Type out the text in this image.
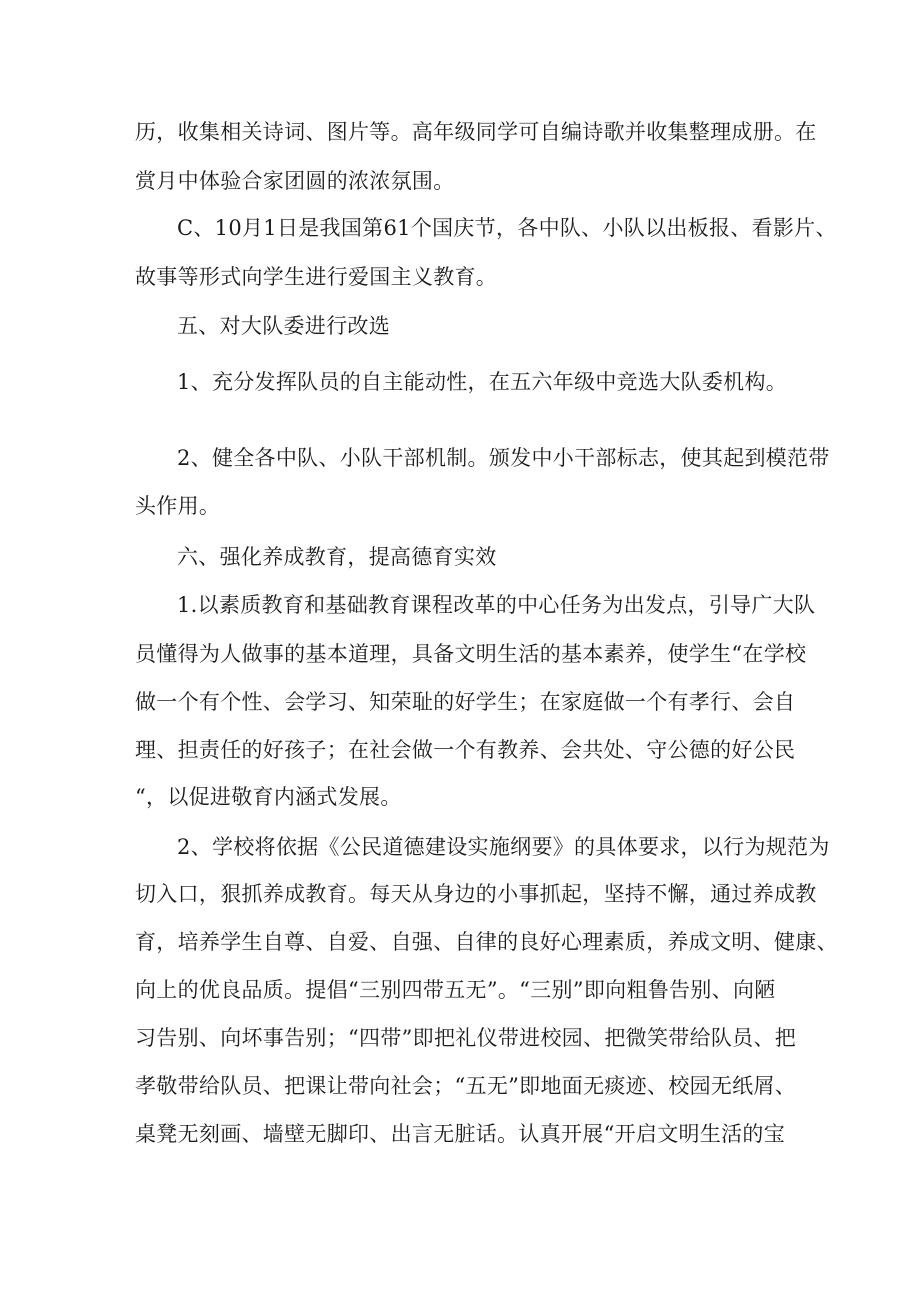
历，收集相关诗词、图片等。高年级同学可自编诗歌并收集整理成册。在
赏月中体验合家团圆的浓浓氛围。
C、10月1日是我国第61个国庆节，各中队、小队以出板报、看影片、
故事等形式向学生进行爱国主义教育。
五、对大队委进行改选
1、充分发挥队员的自主能动性，在五六年级中竞选大队委机构。
2、健全各中队、小队干部机制。颁发中小干部标志，使其起到模范带
头作用。
六、强化养成教育，提高德育实效
1.以素质教育和基础教育课程改革的中心任务为出发点，引导广大队
员懂得为人做事的基本道理，具备文明生活的基本素养，使学生“在学校
做一个有个性、会学习、知荣耻的好学生；在家庭做一个有孝行、会自
理、担责任的好孩子；在社会做一个有教养、会共处、守公德的好公民
“，以促进敬育内涵式发展。
2、学校将依据《公民道德建设实施纲要》的具体要求，以行为规范为
切入口，狠抓养成教育。每天从身边的小事抓起，坚持不懈，通过养成教
育，培养学生自尊、自爱、自强、自律的良好心理素质，养成文明、健康、
向上的优良品质。提倡“三别四带五无”。“三别”即向粗鲁告别、向陋
习告别、向坏事告别；“四带”即把礼仪带进校园、把微笑带给队员、把
孝敬带给队员、把课让带向社会；“五无”即地面无痰迹、校园无纸屑、
桌凳无刻画、墙壁无脚印、出言无脏话。认真开展“开启文明生活的宝
